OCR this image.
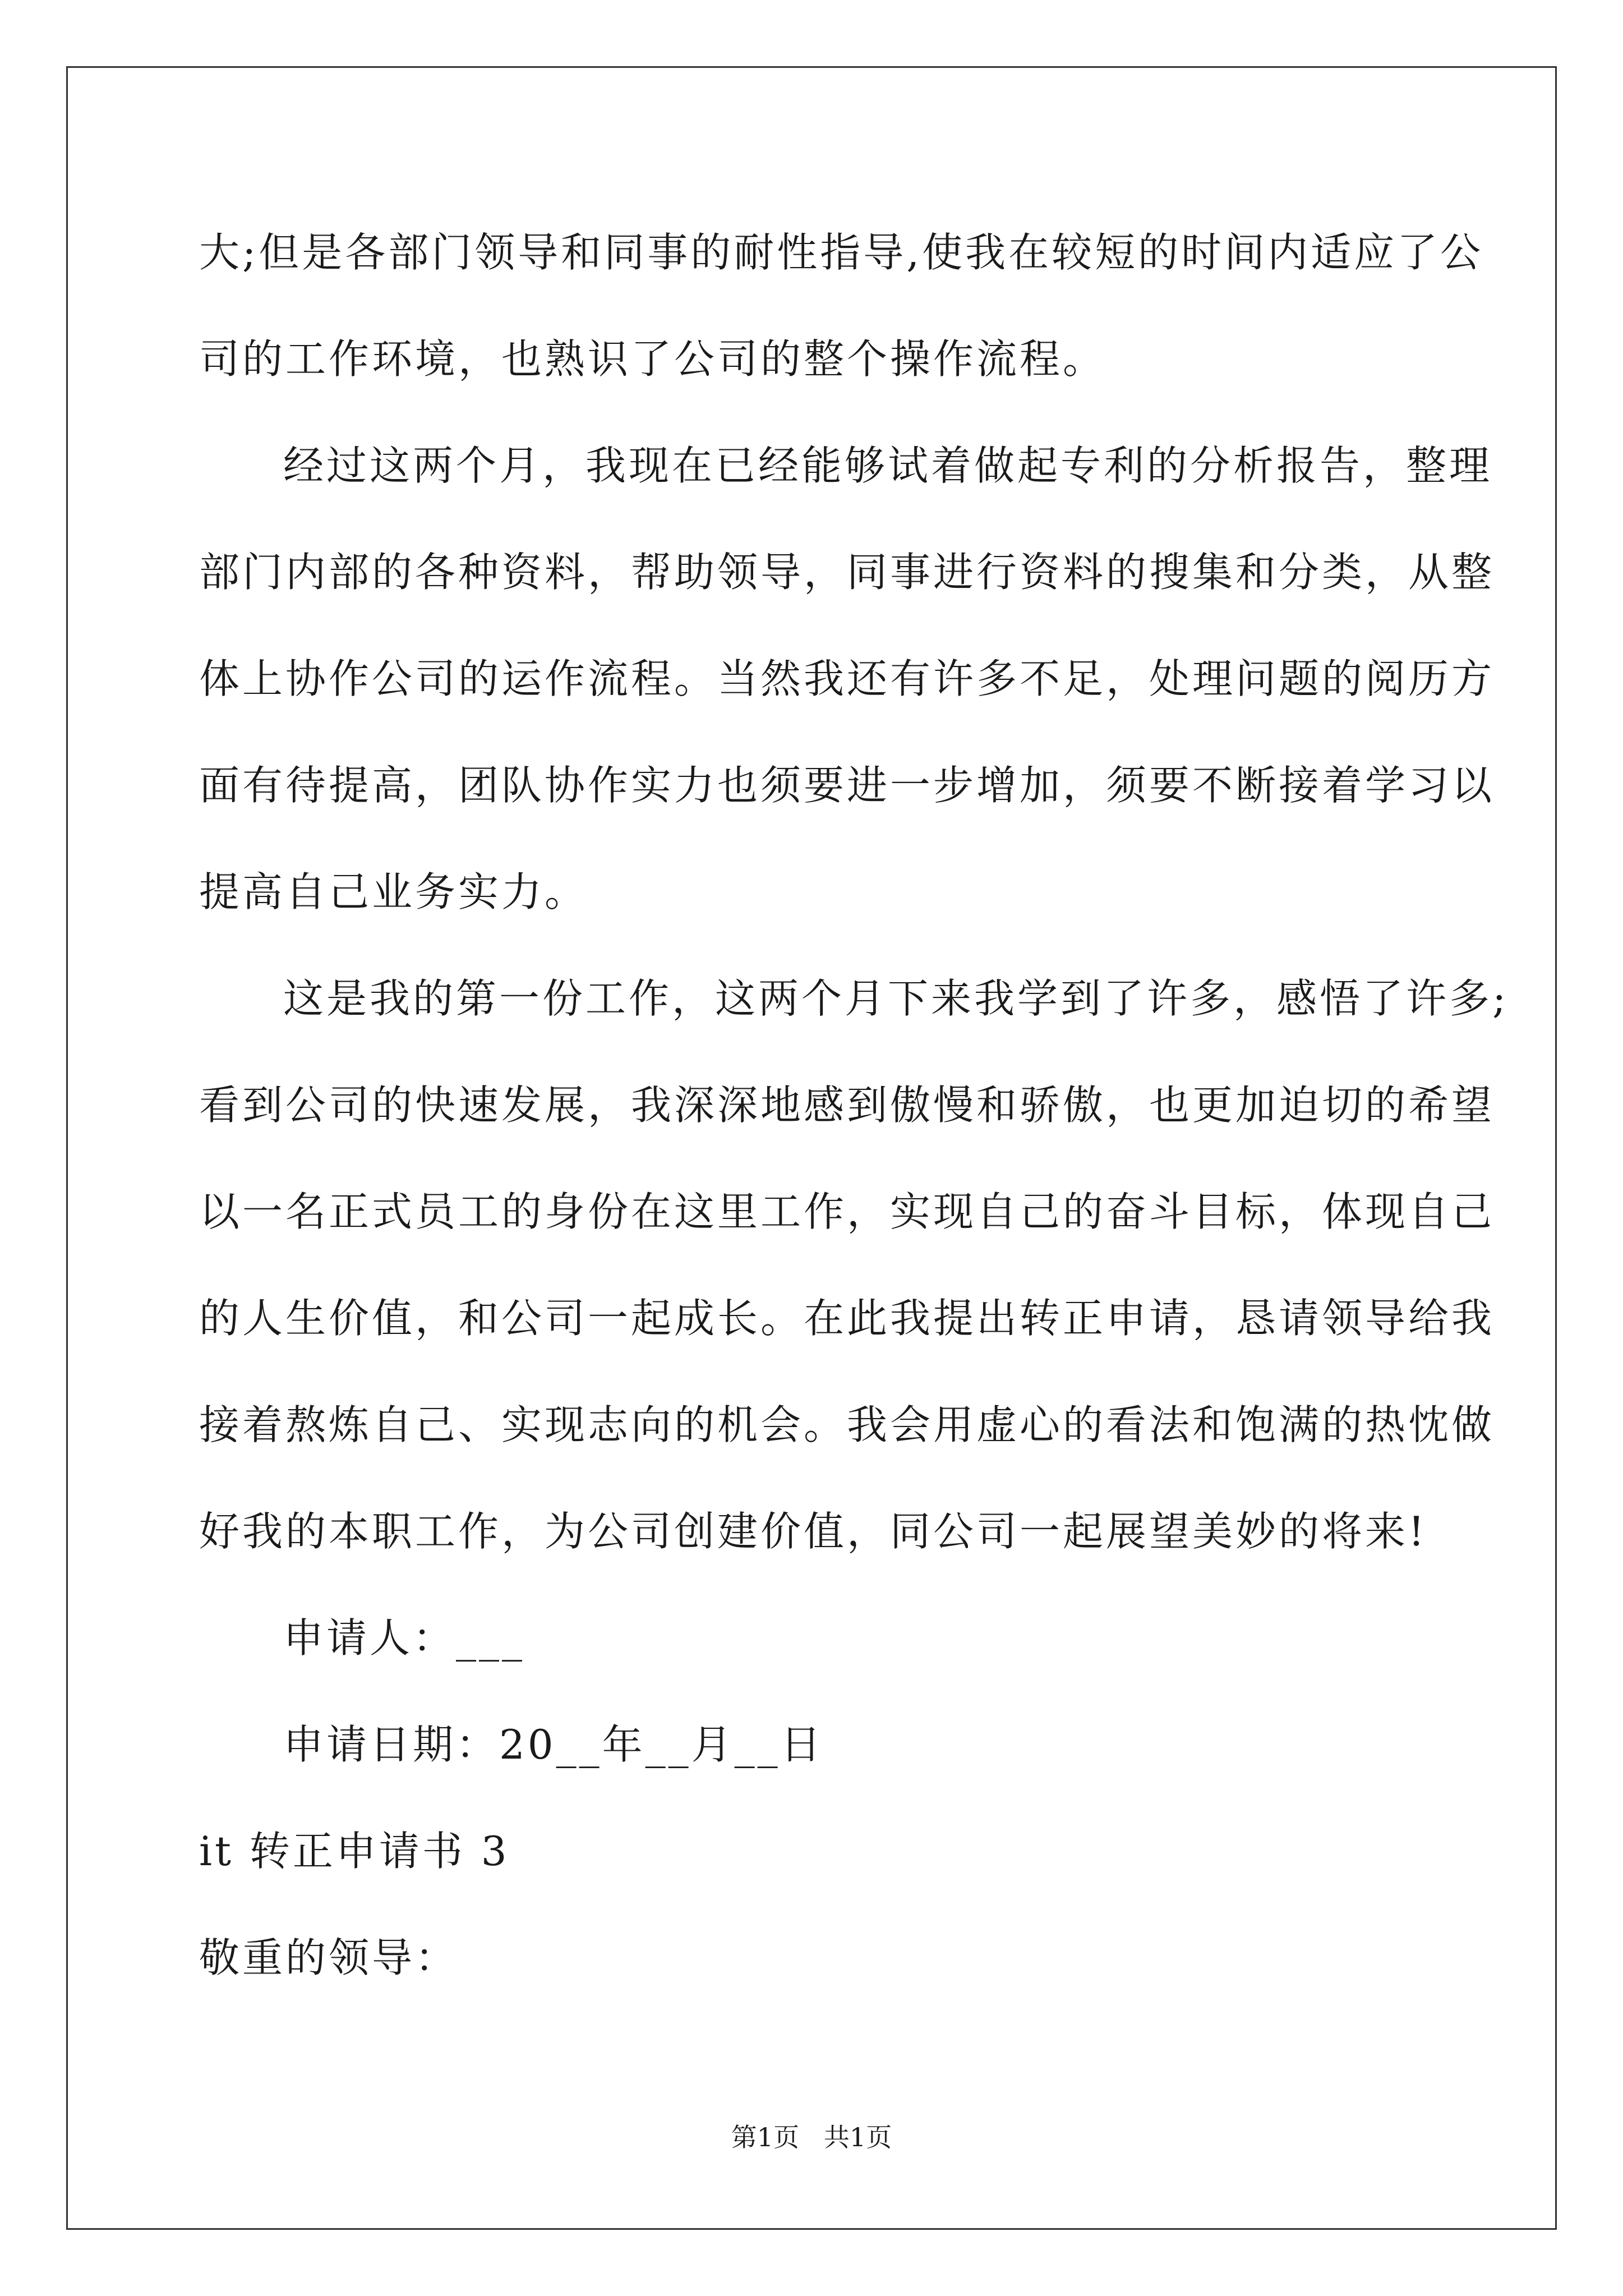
大;但是各部门领导和同事的耐性指导,使我在较短的时间内适应了公
司的工作环境，也熟识了公司的整个操作流程。
经过这两个月，我现在已经能够试着做起专利的分析报告，整理
部门内部的各种资料，帮助领导，同事进行资料的搜集和分类，从整
体上协作公司的运作流程。当然我还有许多不足，处理问题的阅历方
面有待提高，团队协作实力也须要进一步增加，须要不断接着学习以
提高自己业务实力。
这是我的第一份工作，这两个月下来我学到了许多，感悟了许多;
看到公司的快速发展，我深深地感到傲慢和骄傲，也更加迫切的希望
以一名正式员工的身份在这里工作，实现自己的奋斗目标，体现自己
的人生价值，和公司一起成长。在此我提出转正申请，恳请领导给我
接着熬炼自己、实现志向的机会。我会用虚心的看法和饱满的热忱做
好我的本职工作，为公司创建价值，同公司一起展望美妙的将来!
申请人：___
申请日期：20__年__月__日
it 转正申请书 3
敬重的领导：
第1页   共1页
